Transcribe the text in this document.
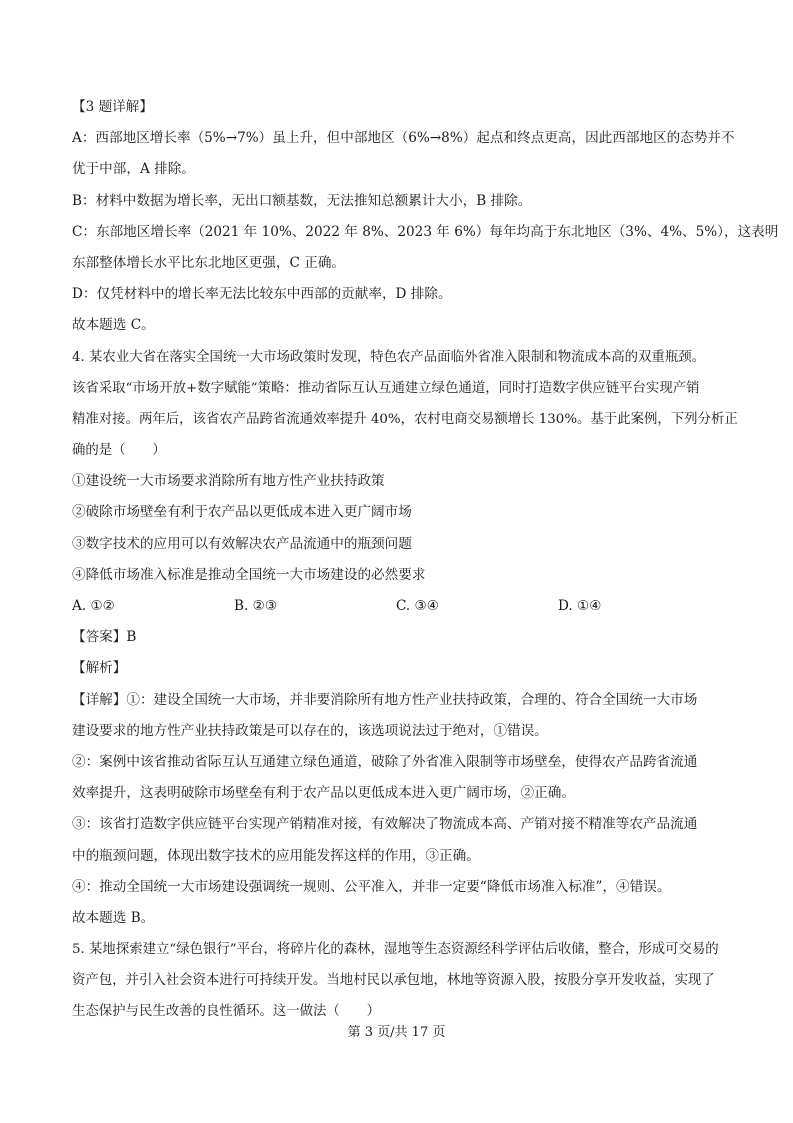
【3 题详解】
A：西部地区增长率（5%→7%）虽上升，但中部地区（6%→8%）起点和终点更高，因此西部地区的态势并不
优于中部，A 排除。
B：材料中数据为增长率，无出口额基数，无法推知总额累计大小，B 排除。
C：东部地区增长率（2021 年 10%、2022 年 8%、2023 年 6%）每年均高于东北地区（3%、4%、5%），这表明
东部整体增长水平比东北地区更强，C 正确。
D：仅凭材料中的增长率无法比较东中西部的贡献率，D 排除。
故本题选 C。
4. 某农业大省在落实全国统一大市场政策时发现，特色农产品面临外省准入限制和物流成本高的双重瓶颈。
该省采取“市场开放+数字赋能”策略：推动省际互认互通建立绿色通道，同时打造数字供应链平台实现产销
精准对接。两年后，该省农产品跨省流通效率提升 40%，农村电商交易额增长 130%。基于此案例，下列分析正
确的是（　　）
①建设统一大市场要求消除所有地方性产业扶持政策
②破除市场壁垒有利于农产品以更低成本进入更广阔市场
③数字技术的应用可以有效解决农产品流通中的瓶颈问题
④降低市场准入标准是推动全国统一大市场建设的必然要求
A. ①②	B. ②③	C. ③④	D. ①④
【答案】B
【解析】
【详解】①：建设全国统一大市场，并非要消除所有地方性产业扶持政策，合理的、符合全国统一大市场
建设要求的地方性产业扶持政策是可以存在的，该选项说法过于绝对，①错误。
②：案例中该省推动省际互认互通建立绿色通道，破除了外省准入限制等市场壁垒，使得农产品跨省流通
效率提升，这表明破除市场壁垒有利于农产品以更低成本进入更广阔市场，②正确。
③：该省打造数字供应链平台实现产销精准对接，有效解决了物流成本高、产销对接不精准等农产品流通
中的瓶颈问题，体现出数字技术的应用能发挥这样的作用，③正确。
④：推动全国统一大市场建设强调统一规则、公平准入，并非一定要“降低市场准入标准”，④错误。
故本题选 B。
5. 某地探索建立“绿色银行”平台，将碎片化的森林，湿地等生态资源经科学评估后收储，整合，形成可交易的
资产包，并引入社会资本进行可持续开发。当地村民以承包地，林地等资源入股，按股分享开发收益，实现了
生态保护与民生改善的良性循环。这一做法（　　）
第 3 页/共 17 页
